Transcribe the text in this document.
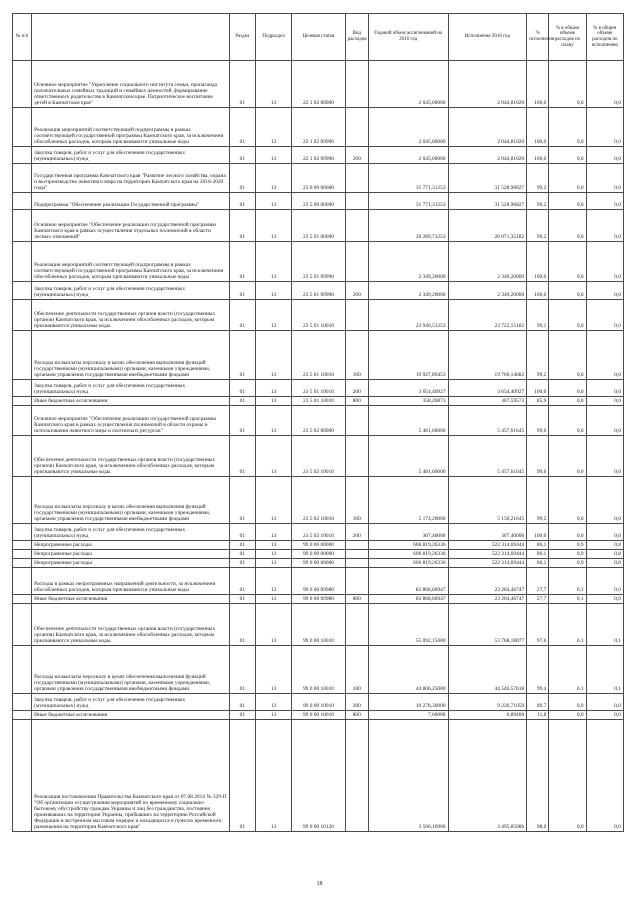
№ п/п		Раздел	Подраздел	Целевая статья	Вид расходов	Годовой объем ассигнований на 2016 год	Исполнение 2016 год	% исполнения	% в общем объеме расходов по плану	% в общем объеме расходов по исполнению
	Основное мероприятие "Укрепление социального института семьи, пропаганда положительных семейных традиций и семейных ценностей, формирование ответственного родительства в Камчатском крае. Патриотическое воспитание детей в Камчатском крае"	01	13	22 1 02 00000		2 045,00000	2 044,81020	100,0	0,0	0,0
	Реализация мероприятий соответствующей подпрограммы в рамках соответствующей государственной программы Камчатского края, за исключением обособленных расходов, которым присваиваются уникальные коды	01	13	22 1 02 09990		2 045,00000	2 044,81020	100,0	0,0	0,0
	Закупка товаров, работ и услуг для обеспечения государственных (муниципальных) нужд	01	13	22 1 02 09990	200	2 045,00000	2 044,81020	100,0	0,0	0,0
	Государственная программа Камчатского края "Развитие лесного хозяйства, охрана и воспроизводство животного мира на территории Камчатского края на 2016-2020 годы"	01	13	23 0 00 00000		31 771,31253	31 528,96827	99,2	0,0	0,0
	Подпрограмма "Обеспечение реализации Государственной программы"	01	13	23 5 00 00000		31 771,31253	31 528,96827	99,2	0,0	0,0
	Основное мероприятие "Обеспечение реализации государственной программы Камчатского края в рамках осуществления отдельных полномочий в области лесных отношений"	01	13	23 5 01 00000		26 289,71253	26 071,35182	99,2	0,0	0,0
	Реализация мероприятий соответствующей подпрограммы в рамках соответствующей государственной программы Камчатского края, за исключением обособленных расходов, которым присваиваются уникальные коды	01	13	23 5 01 09990		2 349,20000	2 349,20000	100,0	0,0	0,0
	Закупка товаров, работ и услуг для обеспечения государственных (муниципальных) нужд	01	13	23 5 01 09990	200	2 349,20000	2 349,20000	100,0	0,0	0,0
	Обеспечение деятельности государственных органов власти (государственных органов) Камчатского края, за исключением обособленных расходов, которым присваиваются уникальные коды.	01	13	23 5 01 10010		23 940,51253	23 722,15182	99,1	0,0	0,0
	Расходы на выплаты персоналу в целях обеспечения выполнения функций государственными (муниципальными) органами, казенными учреждениями, органами управления государственными внебюджетными фондами	01	13	23 5 01 10010	100	19 927,89453	19 760,14682	99,2	0,0	0,0
	Закупка товаров, работ и услуг для обеспечения государственных (муниципальных) нужд	01	13	23 5 01 10010	200	3 654,40927	3 654,40927	100,0	0,0	0,0
	Иные бюджетные ассигнования	01	13	23 5 01 10010	800	358,20873	307,59573	85,9	0,0	0,0
	Основное мероприятие "Обеспечение реализации государственной программы Камчатского края в рамках осуществления полномочий в области охраны и использования животного мира и охотничьих ресурсов"	01	13	23 5 02 00000		5 481,60000	5 457,61645	99,6	0,0	0,0
	Обеспечение деятельности государственных органов власти (государственных органов) Камчатского края, за исключением обособленных расходов, которым присваиваются уникальные коды.	01	13	23 5 02 10010		5 481,60000	5 457,61645	99,6	0,0	0,0
	Расходы на выплаты персоналу в целях обеспечения выполнения функций государственными (муниципальными) органами, казенными учреждениями, органами управления государственными внебюджетными фондами	01	13	23 5 02 10010	100	5 174,20000	5 150,21645	99,5	0,0	0,0
	Закупка товаров, работ и услуг для обеспечения государственных (муниципальных) нужд	01	13	23 5 02 10010	200	307,40000	307,40000	100,0	0,0	0,0
	Непрограммные расходы	01	13	99 0 00 00000		606 819,26336	522 314,69444	86,1	0,9	0,8
	Непрограммные расходы	01	13	99 0 00 00000		606 819,26336	522 314,69444	86,1	0,9	0,8
	Непрограммные расходы	01	13	99 0 00 00000		606 819,26336	522 314,69444	86,1	0,9	0,8
	Расходы в рамках непрограммных направлений деятельности, за исключением обособленных расходов, которым присваиваются уникальные коды	01	13	99 0 00 09980		83 868,66947	23 264,46747	27,7	0,1	0,0
	Иные бюджетные ассигнования	01	13	99 0 00 09980	800	83 868,66947	23 264,46747	27,7	0,1	0,0
	Обеспечение деятельности государственных органов власти (государственных органов) Камчатского края, за исключением обособленных расходов, которым присваиваются уникальные коды.	01	13	99 0 00 10010		55 092,15000	53 768,18077	97,6	0,1	0,1
	Расходы на выплаты персоналу в целях обеспечения выполнения функций государственными (муниципальными) органами, казенными учреждениями, органами управления государственными внебюджетными фондами	01	13	99 0 00 10010	100	44 806,25000	44 546,57618	99,4	0,1	0,1
	Закупка товаров, работ и услуг для обеспечения государственных (муниципальных) нужд	01	13	99 0 00 10010	200	10 278,30000	9 220,71059	89,7	0,0	0,0
	Иные бюджетные ассигнования	01	13	99 0 00 10010	800	7,60000	0,89400	11,8	0,0	0,0
	Реализация постановления Правительства Камчатского края от 07.08.2014 № 329-П "Об организации осуществления мероприятий по временному социально-бытовому обустройству граждан Украины и лиц без гражданства, постоянно проживавших на территории Украины, прибывших на территорию Российской Федерации в экстренном массовом порядке и находящихся в пунктах временного размещения на территории Камчатского края"	01	13	99 0 00 10120		3 566,16900	3 495,85086	98,0	0,0	0,0
18
